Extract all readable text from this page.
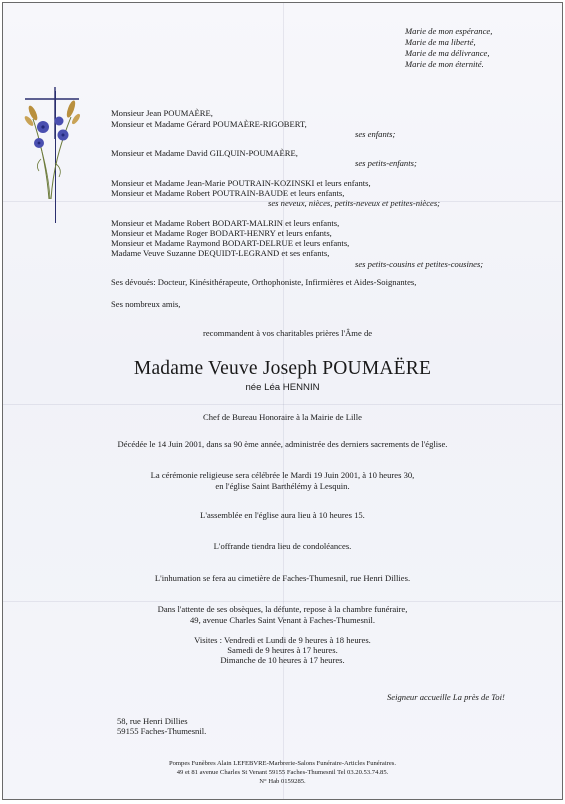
Marie de mon espérance,
Marie de ma liberté,
Marie de ma délivrance,
Marie de mon éternité.
Monsieur Jean POUMAÈRE,
Monsieur et Madame Gérard POUMAÈRE-RIGOBERT,
ses enfants;
Monsieur et Madame David GILQUIN-POUMAÈRE,
ses petits-enfants;
Monsieur et Madame Jean-Marie POUTRAIN-KOZINSKI et leurs enfants,
Monsieur et Madame Robert POUTRAIN-BAUDE et leurs enfants,
ses neveux, nièces, petits-neveux et petites-nièces;
Monsieur et Madame Robert BODART-MALRIN et leurs enfants,
Monsieur et Madame Roger BODART-HENRY et leurs enfants,
Monsieur et Madame Raymond BODART-DELRUE et leurs enfants,
Madame Veuve Suzanne DEQUIDT-LEGRAND et ses enfants,
ses petits-cousins et petites-cousines;
Ses dévoués: Docteur, Kinésithérapeute, Orthophoniste, Infirmières et Aides-Soignantes,
Ses nombreux amis,
recommandent à vos charitables prières l'Âme de
Madame Veuve Joseph POUMAËRE
née Léa HENNIN
Chef de Bureau Honoraire à la Mairie de Lille
Décédée le 14 Juin 2001, dans sa 90 ème année, administrée des derniers sacrements de l'église.
La cérémonie religieuse sera célébrée le Mardi 19 Juin 2001, à 10 heures 30,
en l'église Saint Barthélémy à Lesquin.
L'assemblée en l'église aura lieu à 10 heures 15.
L'offrande tiendra lieu de condoléances.
L'inhumation se fera au cimetière de Faches-Thumesnil, rue Henri Dillies.
Dans l'attente de ses obsèques, la défunte, repose à la chambre funéraire,
49, avenue Charles Saint Venant à Faches-Thumesnil.
Visites : Vendredi et Lundi de 9 heures à 18 heures.
Samedi de 9 heures à 17 heures.
Dimanche de 10 heures à 17 heures.
Seigneur accueille La près de Toi!
58, rue Henri Dillies
59155 Faches-Thumesnil.
Pompes Funèbres Alain LEFEBVRE-Marbrerie-Salons Funéraire-Articles Funéraires.
49 et 81 avenue Charles St Venant 59155 Faches-Thumesnil Tel 03.20.53.74.85.
N° Hab 0159285.
